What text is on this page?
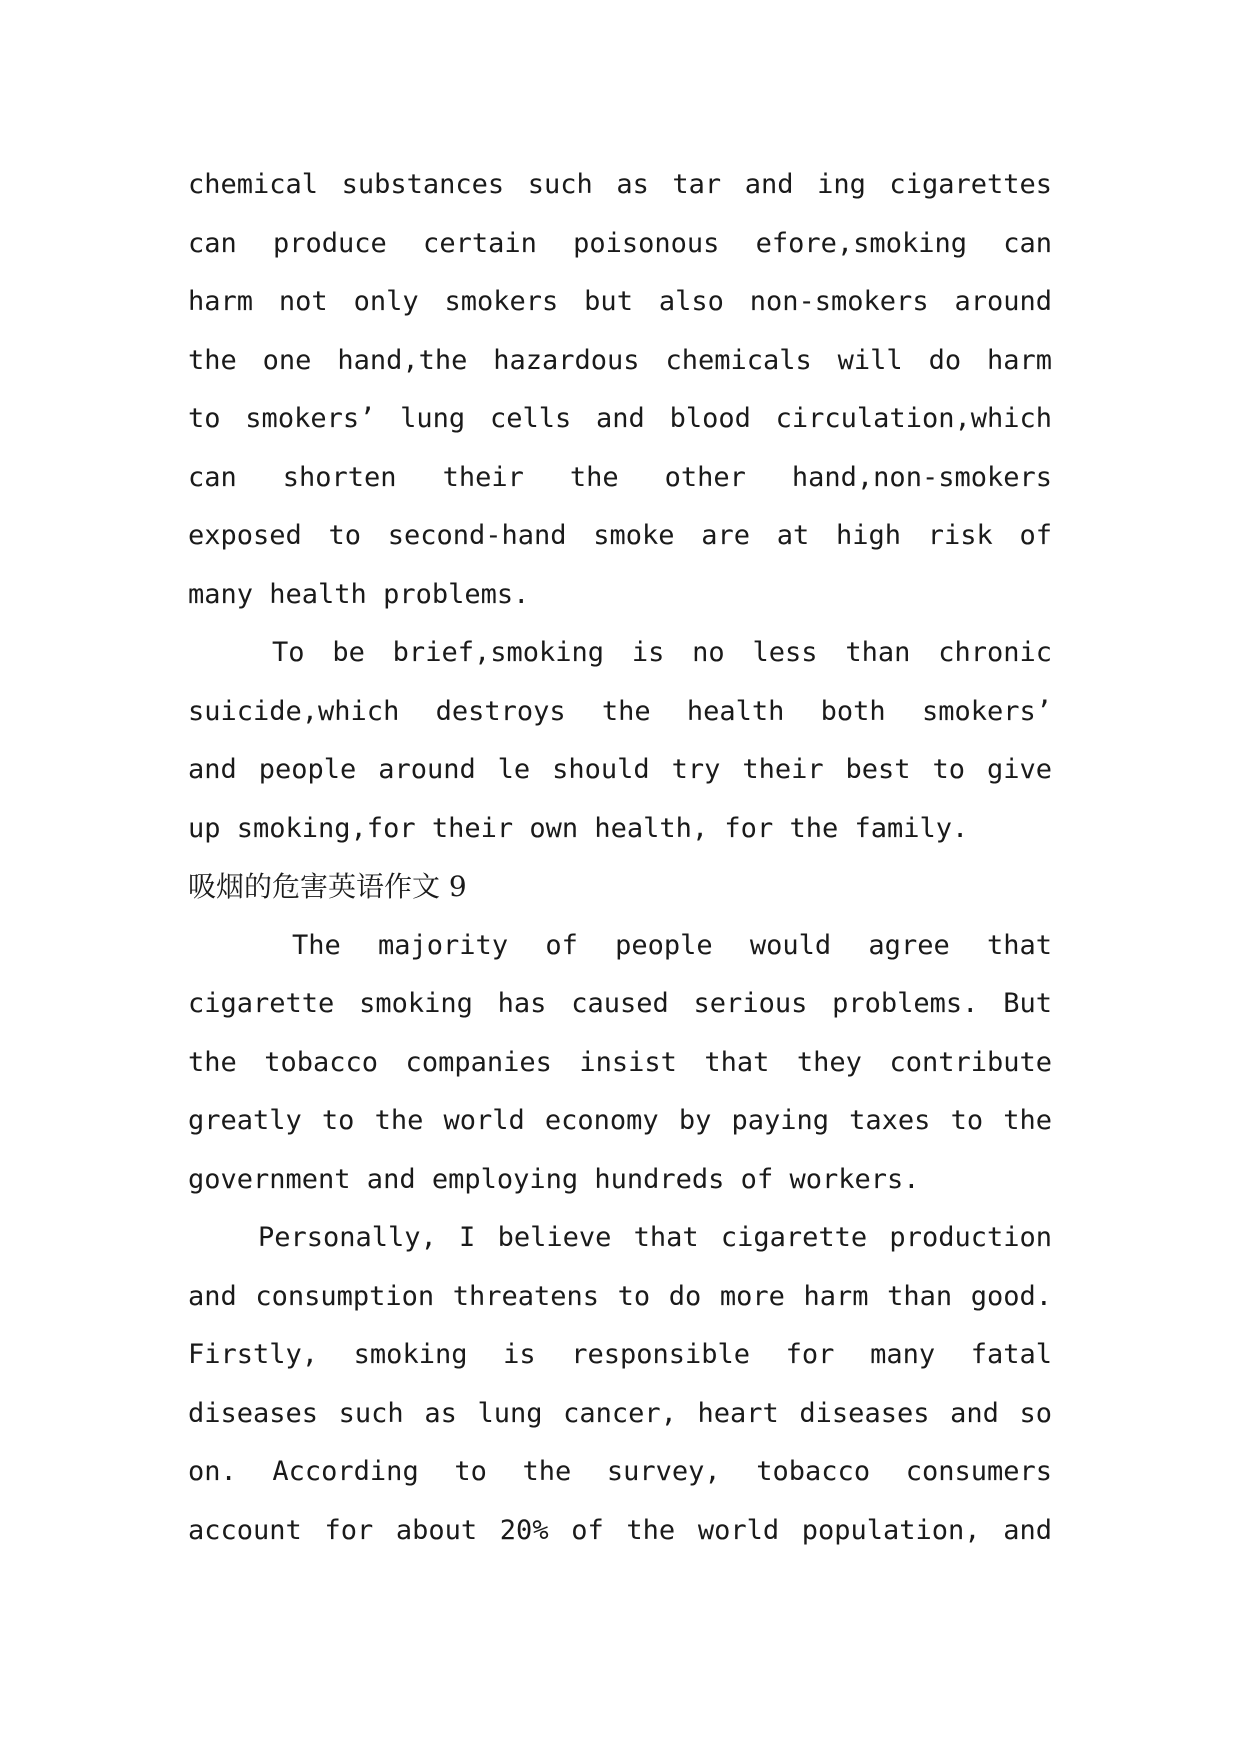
chemical substances such as tar and ing cigarettes
can produce certain poisonous efore,smoking can
harm not only smokers but also non-smokers around
the one hand,the hazardous chemicals will do harm
to smokers’ lung cells and blood circulation,which
can shorten their the other hand,non-smokers
exposed to second-hand smoke are at high risk of
many health problems.
To be brief,smoking is no less than chronic
suicide,which destroys the health both smokers’
and people around le should try their best to give
up smoking,for their own health, for the family.
吸烟的危害英语作文 9
The majority of people would agree that
cigarette smoking has caused serious problems. But
the tobacco companies insist that they contribute
greatly to the world economy by paying taxes to the
government and employing hundreds of workers.
Personally, I believe that cigarette production
and consumption threatens to do more harm than good.
Firstly, smoking is responsible for many fatal
diseases such as lung cancer, heart diseases and so
on. According to the survey, tobacco consumers
account for about 20% of the world population, and
